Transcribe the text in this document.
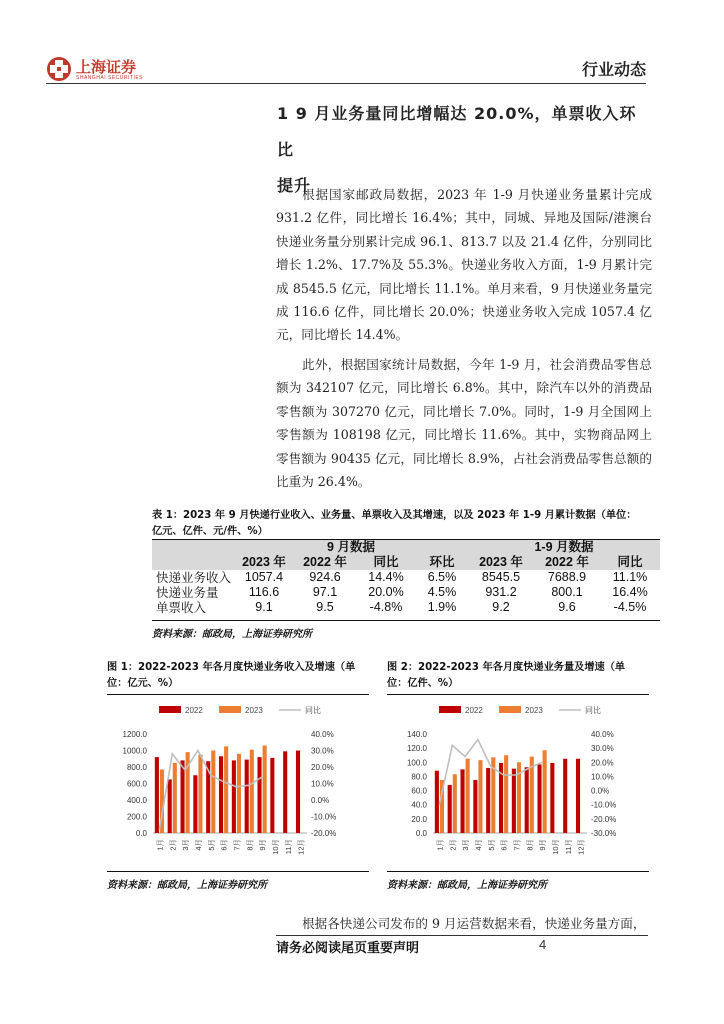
上海证券
SHANGHAI SECURITIES	行业动态
1 9 月业务量同比增幅达 20.0%，单票收入环比
提升

根据国家邮政局数据，2023 年 1-9 月快递业务量累计完成 931.2 亿件，同比增长 16.4%；其中，同城、异地及国际/港澳台快递业务量分别累计完成 96.1、813.7 以及 21.4 亿件，分别同比增长 1.2%、17.7%及 55.3%。快递业务收入方面，1-9 月累计完成 8545.5 亿元，同比增长 11.1%。单月来看，9 月快递业务量完成 116.6 亿件，同比增长 20.0%；快递业务收入完成 1057.4 亿元，同比增长 14.4%。

此外，根据国家统计局数据，今年 1-9 月，社会消费品零售总额为 342107 亿元，同比增长 6.8%。其中，除汽车以外的消费品零售额为 307270 亿元，同比增长 7.0%。同时，1-9 月全国网上零售额为 108198 亿元，同比增长 11.6%。其中，实物商品网上零售额为 90435 亿元，同比增长 8.9%，占社会消费品零售总额的比重为 26.4%。

表 1：2023 年 9 月快递行业收入、业务量、单票收入及其增速，以及 2023 年 1-9 月累计数据（单位：
亿元、亿件、元/件、%）
	9 月数据				1-9 月数据		
	2023 年	2022 年	同比	环比	2023 年	2022 年	同比
快递业务收入	1057.4	924.6	14.4%	6.5%	8545.5	7688.9	11.1%
快递业务量	116.6	97.1	20.0%	4.5%	931.2	800.1	16.4%
单票收入	9.1	9.5	-4.8%	1.9%	9.2	9.6	-4.5%
资料来源：邮政局，上海证券研究所
图 1：2022-2023 年各月度快递业务收入及增速（单
位：亿元、%）
图 2：2022-2023 年各月度快递业务量及增速（单
位：亿件、%）
2022	2023	同比
0.0
200.0
400.0
600.0
800.0
1000.0
1200.0
-20.0%
-10.0%
0.0%
10.0%
20.0%
30.0%
40.0%
1月 2月 3月 4月 5月 6月 7月 8月 9月 10月 11月 12月
2022	2023	同比
0.0
20.0
40.0
60.0
80.0
100.0
120.0
140.0
-30.0%
-20.0%
-10.0%
0.0%
10.0%
20.0%
30.0%
40.0%
1月 2月 3月 4月 5月 6月 7月 8月 9月 10月 11月 12月
资料来源：邮政局，上海证券研究所	资料来源：邮政局，上海证券研究所

根据各快递公司发布的 9 月运营数据来看，快递业务量方面，

请务必阅读尾页重要声明	4
